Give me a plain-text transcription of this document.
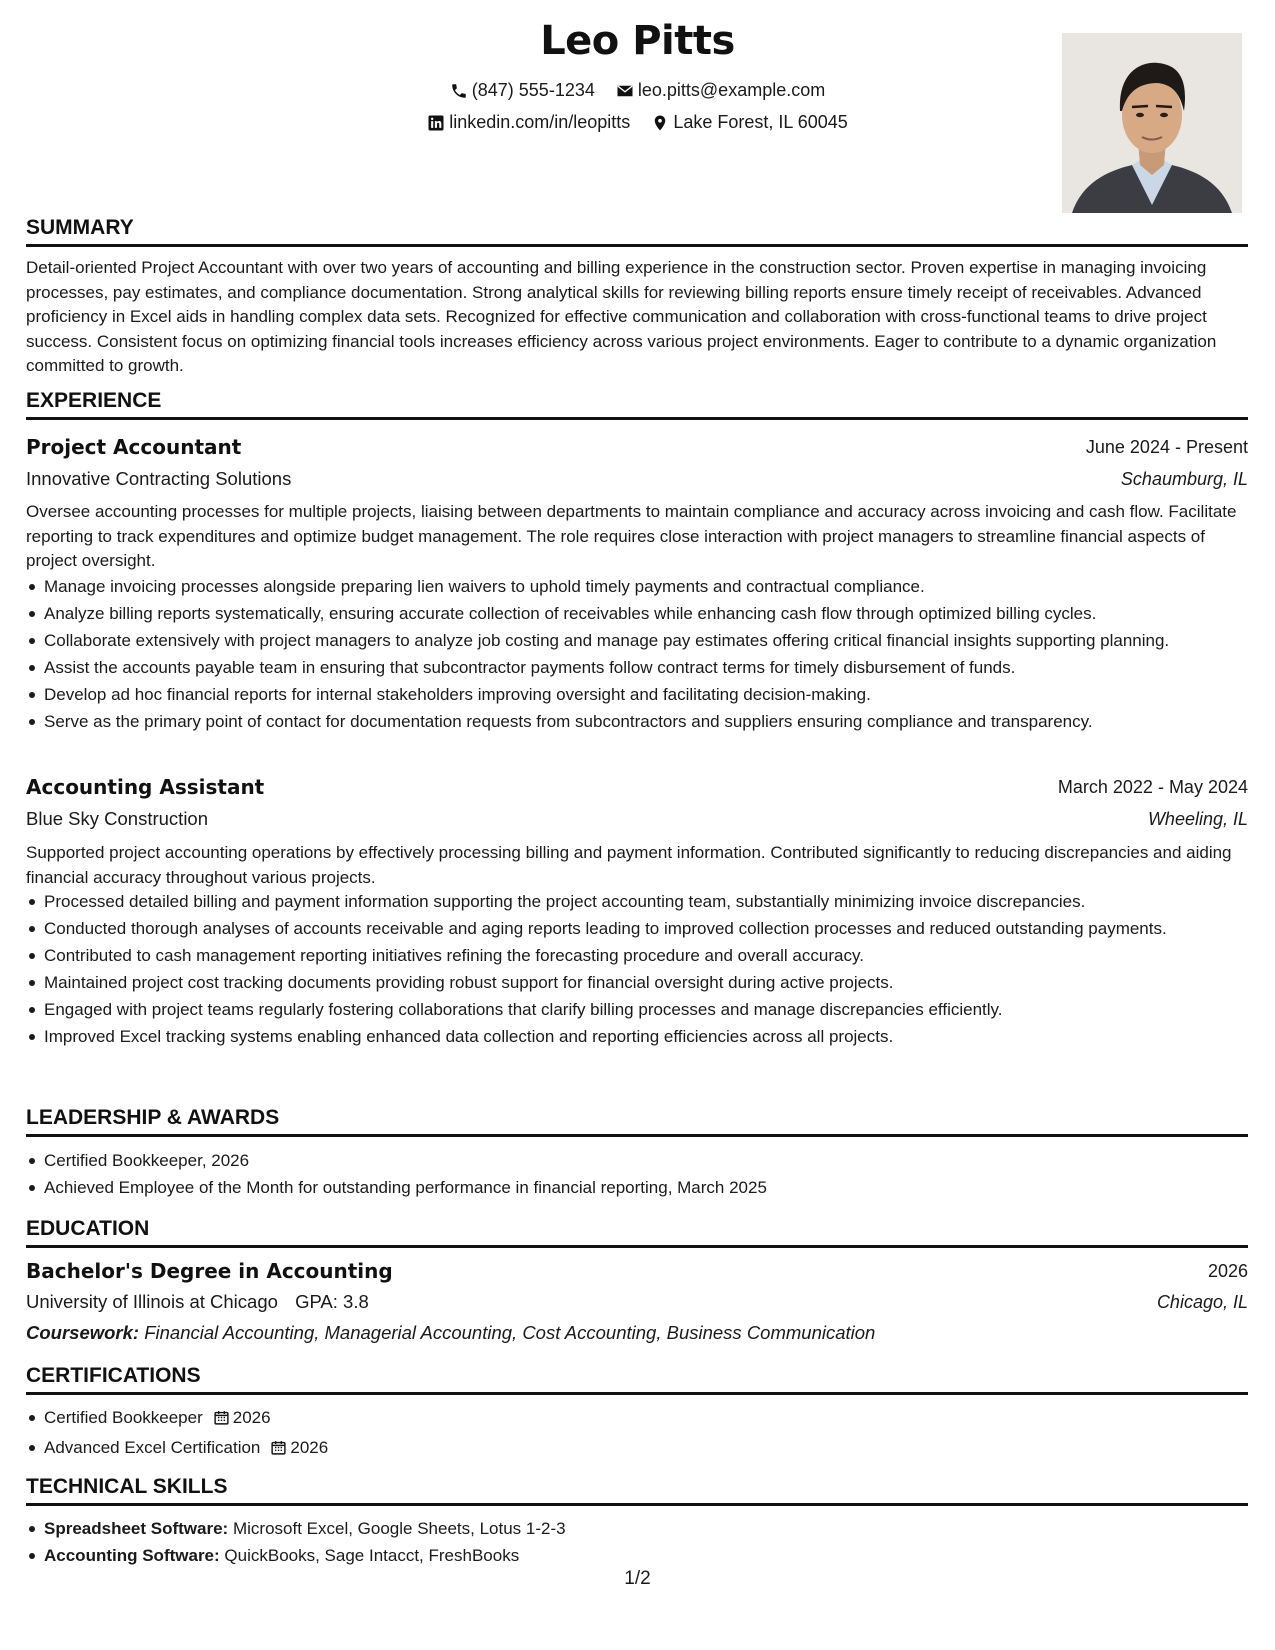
Leo Pitts
(847) 555-1234
leo.pitts@example.com
linkedin.com/in/leopitts
Lake Forest, IL 60045
SUMMARY
Detail-oriented Project Accountant with over two years of accounting and billing experience in the construction sector. Proven expertise in managing invoicing processes, pay estimates, and compliance documentation. Strong analytical skills for reviewing billing reports ensure timely receipt of receivables. Advanced proficiency in Excel aids in handling complex data sets. Recognized for effective communication and collaboration with cross-functional teams to drive project success. Consistent focus on optimizing financial tools increases efficiency across various project environments. Eager to contribute to a dynamic organization committed to growth.
EXPERIENCE
Project Accountant	June 2024 - Present
Innovative Contracting Solutions	Schaumburg, IL
Oversee accounting processes for multiple projects, liaising between departments to maintain compliance and accuracy across invoicing and cash flow. Facilitate reporting to track expenditures and optimize budget management. The role requires close interaction with project managers to streamline financial aspects of project oversight.
Manage invoicing processes alongside preparing lien waivers to uphold timely payments and contractual compliance.
Analyze billing reports systematically, ensuring accurate collection of receivables while enhancing cash flow through optimized billing cycles.
Collaborate extensively with project managers to analyze job costing and manage pay estimates offering critical financial insights supporting planning.
Assist the accounts payable team in ensuring that subcontractor payments follow contract terms for timely disbursement of funds.
Develop ad hoc financial reports for internal stakeholders improving oversight and facilitating decision-making.
Serve as the primary point of contact for documentation requests from subcontractors and suppliers ensuring compliance and transparency.
Accounting Assistant	March 2022 - May 2024
Blue Sky Construction	Wheeling, IL
Supported project accounting operations by effectively processing billing and payment information. Contributed significantly to reducing discrepancies and aiding financial accuracy throughout various projects.
Processed detailed billing and payment information supporting the project accounting team, substantially minimizing invoice discrepancies.
Conducted thorough analyses of accounts receivable and aging reports leading to improved collection processes and reduced outstanding payments.
Contributed to cash management reporting initiatives refining the forecasting procedure and overall accuracy.
Maintained project cost tracking documents providing robust support for financial oversight during active projects.
Engaged with project teams regularly fostering collaborations that clarify billing processes and manage discrepancies efficiently.
Improved Excel tracking systems enabling enhanced data collection and reporting efficiencies across all projects.
LEADERSHIP & AWARDS
Certified Bookkeeper, 2026
Achieved Employee of the Month for outstanding performance in financial reporting, March 2025
EDUCATION
Bachelor's Degree in Accounting	2026
University of Illinois at Chicago GPA: 3.8	Chicago, IL
Coursework: Financial Accounting, Managerial Accounting, Cost Accounting, Business Communication
CERTIFICATIONS
Certified Bookkeeper 2026
Advanced Excel Certification 2026
TECHNICAL SKILLS
Spreadsheet Software: Microsoft Excel, Google Sheets, Lotus 1-2-3
Accounting Software: QuickBooks, Sage Intacct, FreshBooks
1/2
